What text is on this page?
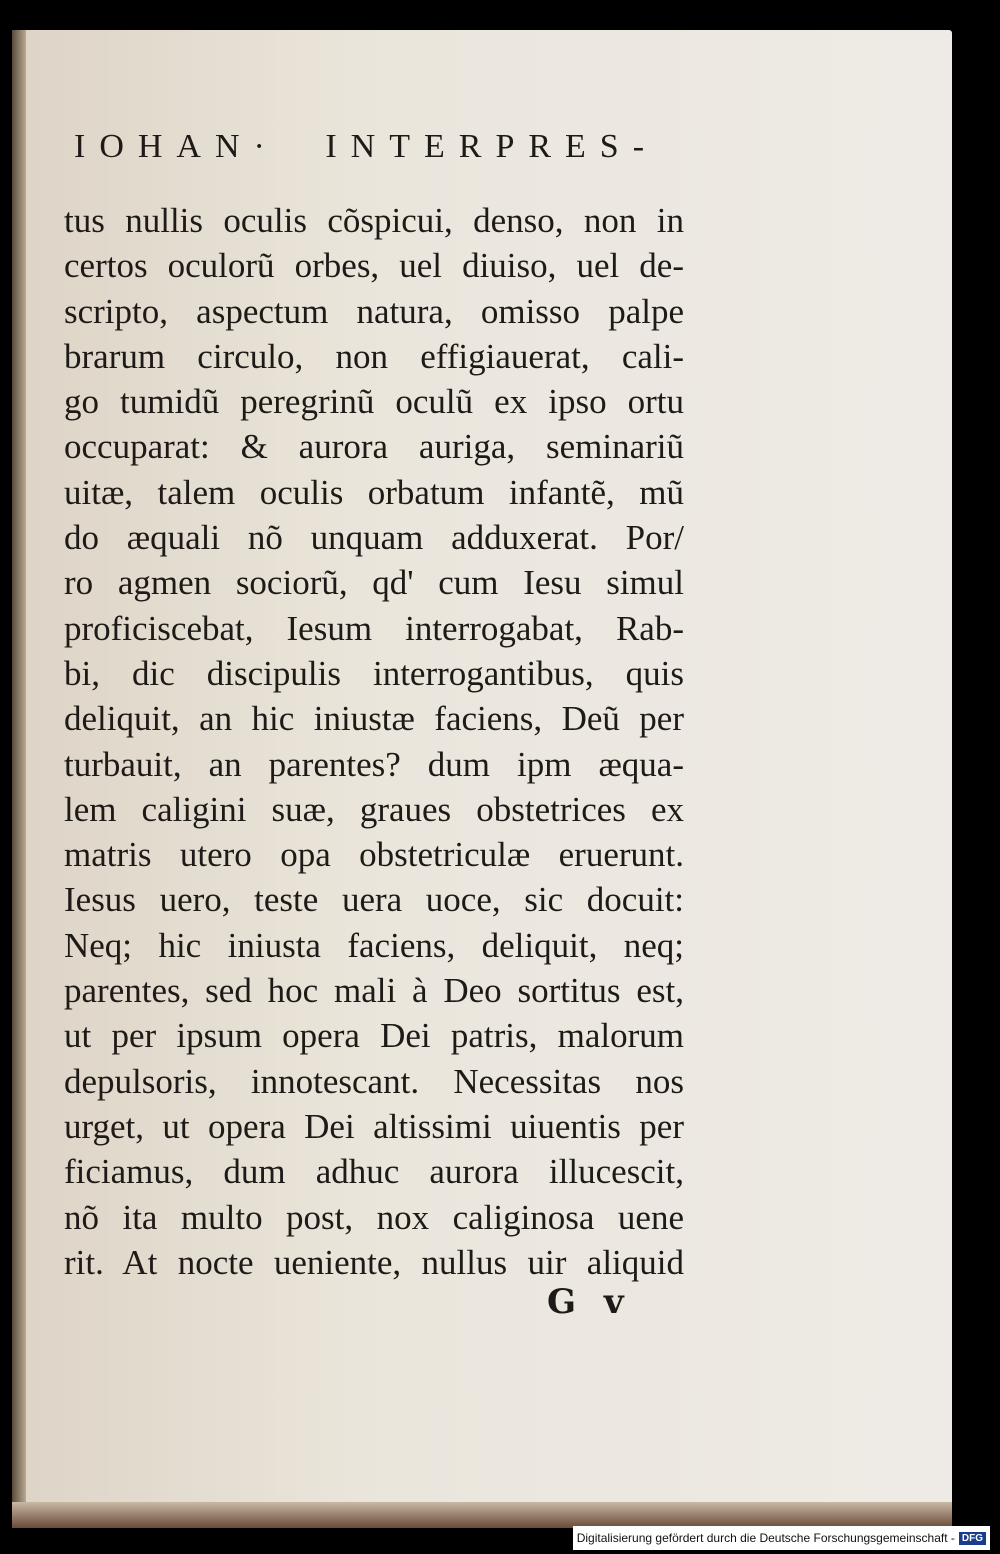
IOHAN· INTERPRES-
tus nullis oculis cõspicui, denso, non in
certos oculorũ orbes, uel diuiso, uel de-
scripto, aspectum natura, omisso palpe
brarum circulo, non effigiauerat, cali-
go tumidũ peregrinũ oculũ ex ipso ortu
occuparat: & aurora auriga, seminariũ
uitæ, talem oculis orbatum infantẽ, mũ
do æquali nõ unquam adduxerat. Por/
ro agmen sociorũ, qd' cum Iesu simul
proficiscebat, Iesum interrogabat, Rab-
bi, dic discipulis interrogantibus, quis
deliquit, an hic iniustæ faciens, Deũ per
turbauit, an parentes? dum ipm æqua-
lem caligini suæ, graues obstetrices ex
matris utero opa obstetriculæ eruerunt.
Iesus uero, teste uera uoce, sic docuit:
Neq; hic iniusta faciens, deliquit, neq;
parentes, sed hoc mali à Deo sortitus est,
ut per ipsum opera Dei patris, malorum
depulsoris, innotescant. Necessitas nos
urget, ut opera Dei altissimi uiuentis per
ficiamus, dum adhuc aurora illucescit,
nõ ita multo post, nox caliginosa uene
rit. At nocte ueniente, nullus uir aliquid
G v
Digitalisierung gefördert durch die Deutsche Forschungsgemeinschaft - DFG
